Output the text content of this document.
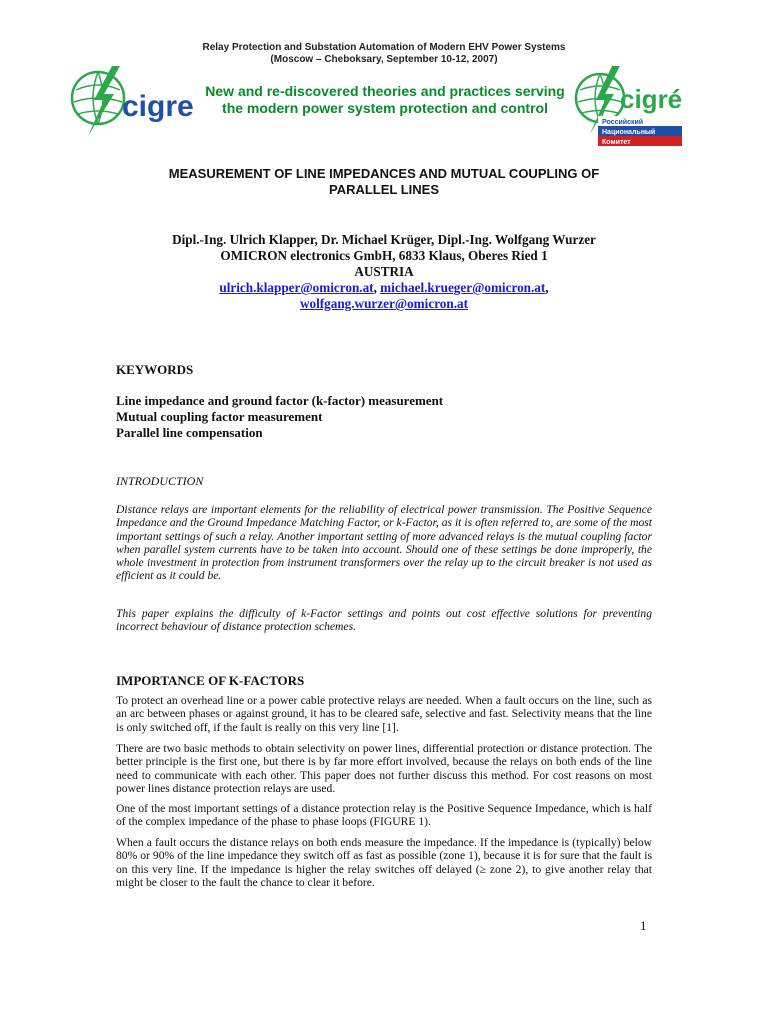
Relay Protection and Substation Automation of Modern EHV Power Systems
(Moscow – Cheboksary, September 10-12, 2007)
cigre New and re-discovered theories and practices serving
the modern power system protection and control	cigré
Российский
Национальный
Комитет
MEASUREMENT OF LINE IMPEDANCES AND MUTUAL COUPLING OF
PARALLEL LINES
Dipl.-Ing. Ulrich Klapper, Dr. Michael Krüger, Dipl.-Ing. Wolfgang Wurzer
OMICRON electronics GmbH, 6833 Klaus, Oberes Ried 1
AUSTRIA
ulrich.klapper@omicron.at, michael.krueger@omicron.at,
wolfgang.wurzer@omicron.at
KEYWORDS
Line impedance and ground factor (k-factor) measurement
Mutual coupling factor measurement
Parallel line compensation
INTRODUCTION
Distance relays are important elements for the reliability of electrical power transmission. The Positive Sequence Impedance and the Ground Impedance Matching Factor, or k-Factor, as it is often referred to, are some of the most important settings of such a relay. Another important setting of more advanced relays is the mutual coupling factor when parallel system currents have to be taken into account. Should one of these settings be done improperly, the whole investment in protection from instrument transformers over the relay up to the circuit breaker is not used as efficient as it could be.
This paper explains the difficulty of k-Factor settings and points out cost effective solutions for preventing incorrect behaviour of distance protection schemes.
IMPORTANCE OF K-FACTORS
To protect an overhead line or a power cable protective relays are needed. When a fault occurs on the line, such as an arc between phases or against ground, it has to be cleared safe, selective and fast. Selectivity means that the line is only switched off, if the fault is really on this very line [1].
There are two basic methods to obtain selectivity on power lines, differential protection or distance protection. The better principle is the first one, but there is by far more effort involved, because the relays on both ends of the line need to communicate with each other. This paper does not further discuss this method. For cost reasons on most power lines distance protection relays are used.
One of the most important settings of a distance protection relay is the Positive Sequence Impedance, which is half of the complex impedance of the phase to phase loops (FIGURE 1).
When a fault occurs the distance relays on both ends measure the impedance. If the impedance is (typically) below 80% or 90% of the line impedance they switch off as fast as possible (zone 1), because it is for sure that the fault is on this very line. If the impedance is higher the relay switches off delayed (≥ zone 2), to give another relay that might be closer to the fault the chance to clear it before.
1
